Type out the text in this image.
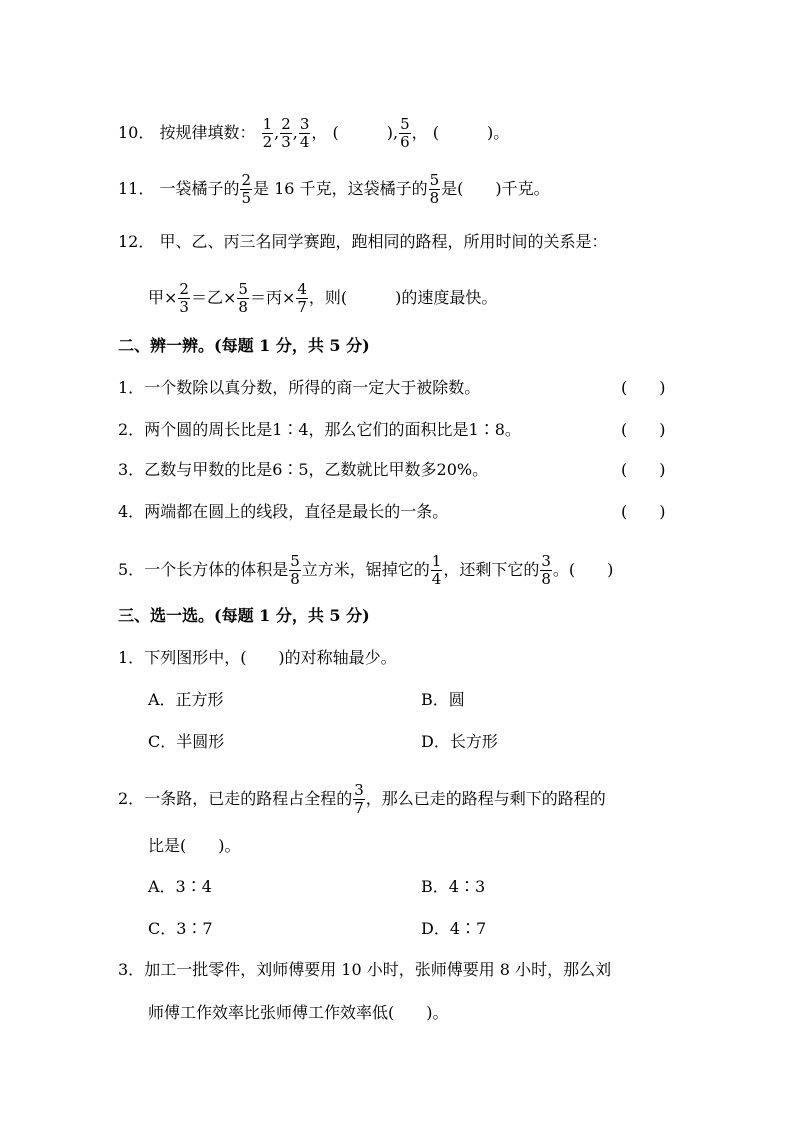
10． 按规律填数： $\frac{1}{2}$ , $\frac{2}{3}$ , $\frac{3}{4}$ ， (　　　), $\frac{5}{6}$ ， (　　　)。
11． 一袋橘子的 $\frac{2}{5}$ 是 16 千克，这袋橘子的 $\frac{5}{8}$ 是(　　)千克。
12． 甲、乙、丙三名同学赛跑，跑相同的路程，所用时间的关系是：
甲× $\frac{2}{3}$ ＝乙× $\frac{5}{8}$ ＝丙× $\frac{4}{7}$ ，则(　　　)的速度最快。
二、辨一辨。(每题 1 分，共 5 分)
1．一个数除以真分数，所得的商一定大于被除数。	(　　)
2．两个圆的周长比是1∶4，那么它们的面积比是1∶8。	(　　)
3．乙数与甲数的比是6∶5，乙数就比甲数多20%。	(　　)
4．两端都在圆上的线段，直径是最长的一条。	(　　)
5．一个长方体的体积是 $\frac{5}{8}$ 立方米，锯掉它的 $\frac{1}{4}$ ，还剩下它的 $\frac{3}{8}$ 。(　　)
三、选一选。(每题 1 分，共 5 分)
1．下列图形中，(　　)的对称轴最少。
A．正方形	B．圆
C．半圆形	D．长方形
2．一条路，已走的路程占全程的 $\frac{3}{7}$ ，那么已走的路程与剩下的路程的
比是(　　)。
A．3∶4	B．4∶3
C．3∶7	D．4∶7
3．加工一批零件，刘师傅要用 10 小时，张师傅要用 8 小时，那么刘
师傅工作效率比张师傅工作效率低(　　)。
